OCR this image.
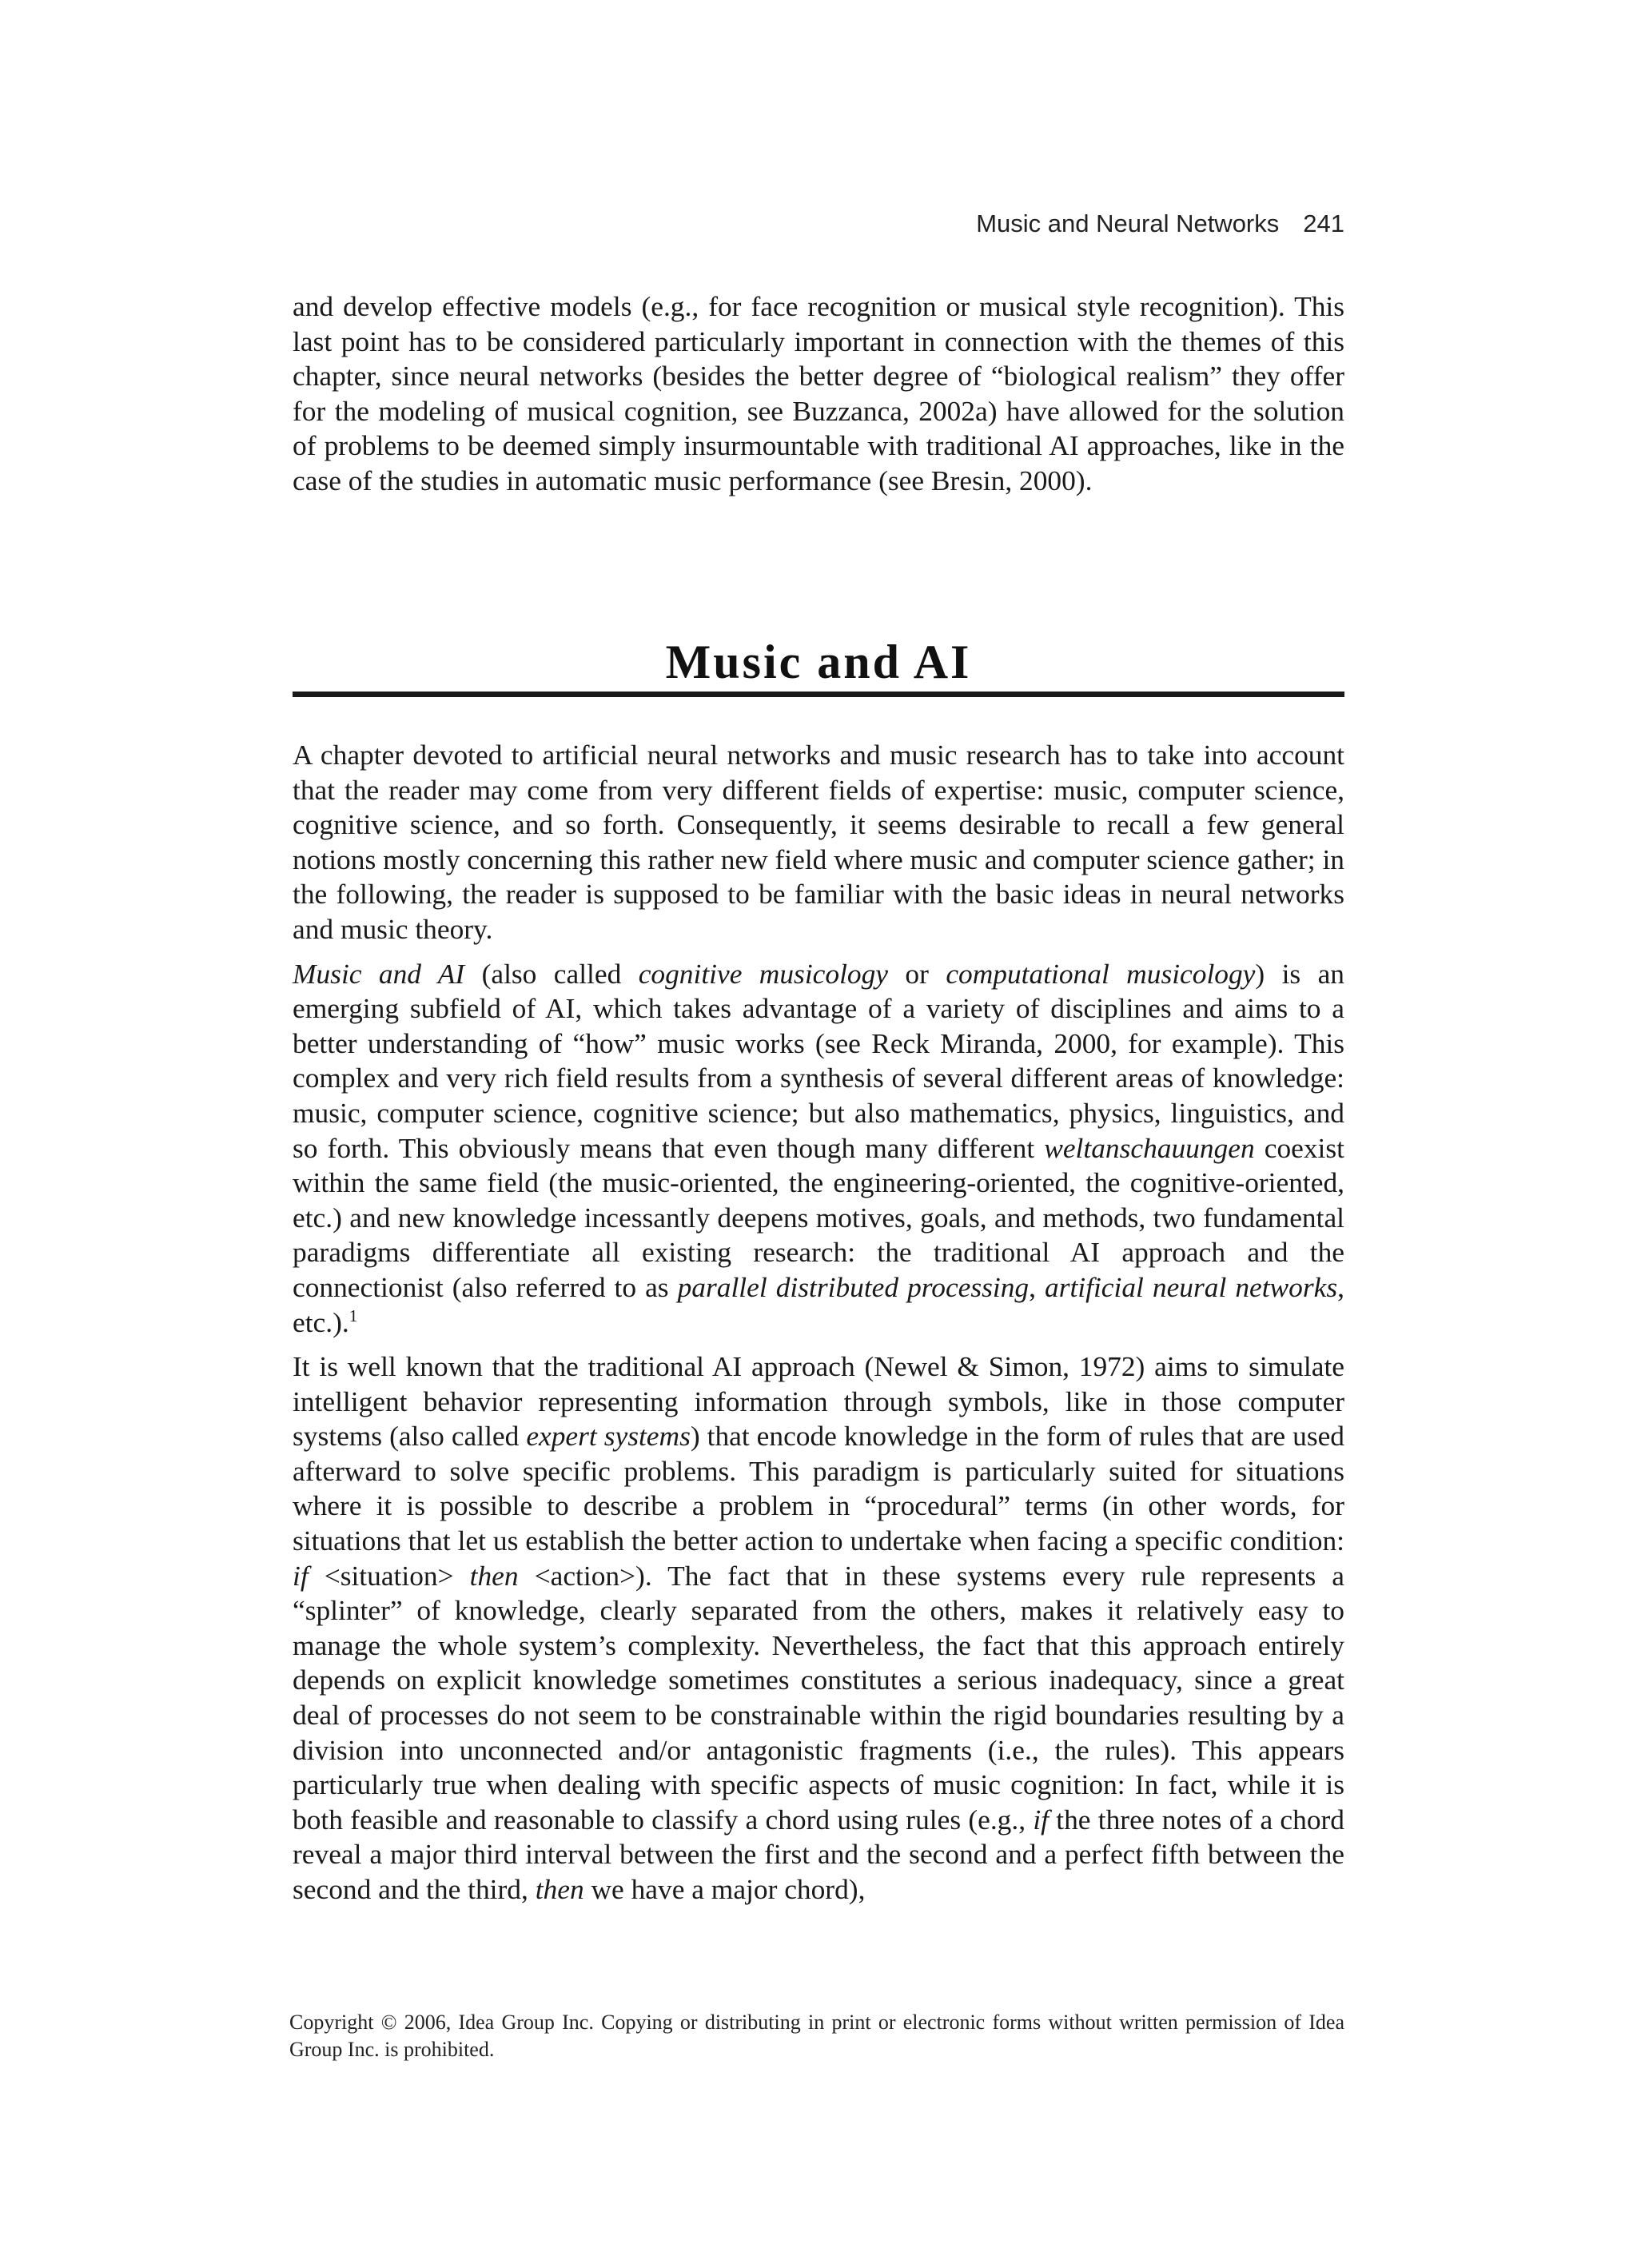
Music and Neural Networks 241

and develop effective models (e.g., for face recognition or musical style recognition). This last point has to be considered particularly important in connection with the themes of this chapter, since neural networks (besides the better degree of “biological realism” they offer for the modeling of musical cognition, see Buzzanca, 2002a) have allowed for the solution of problems to be deemed simply insurmountable with traditional AI approaches, like in the case of the studies in automatic music performance (see Bresin, 2000).

Music and AI

A chapter devoted to artificial neural networks and music research has to take into account that the reader may come from very different fields of expertise: music, computer science, cognitive science, and so forth. Consequently, it seems desirable to recall a few general notions mostly concerning this rather new field where music and computer science gather; in the following, the reader is supposed to be familiar with the basic ideas in neural networks and music theory.

Music and AI (also called cognitive musicology or computational musicology) is an emerging subfield of AI, which takes advantage of a variety of disciplines and aims to a better understanding of “how” music works (see Reck Miranda, 2000, for example). This complex and very rich field results from a synthesis of several different areas of knowledge: music, computer science, cognitive science; but also mathematics, physics, linguistics, and so forth. This obviously means that even though many different weltanschauungen coexist within the same field (the music-oriented, the engineering-oriented, the cognitive-oriented, etc.) and new knowledge incessantly deepens motives, goals, and methods, two fundamental paradigms differentiate all existing research: the traditional AI approach and the connectionist (also referred to as parallel distributed processing, artificial neural networks, etc.).$^1$

It is well known that the traditional AI approach (Newel & Simon, 1972) aims to simulate intelligent behavior representing information through symbols, like in those computer systems (also called expert systems) that encode knowledge in the form of rules that are used afterward to solve specific problems. This paradigm is particularly suited for situations where it is possible to describe a problem in “procedural” terms (in other words, for situations that let us establish the better action to undertake when facing a specific condition: if <situation> then <action>). The fact that in these systems every rule represents a “splinter” of knowledge, clearly separated from the others, makes it relatively easy to manage the whole system’s complexity. Nevertheless, the fact that this approach entirely depends on explicit knowledge sometimes constitutes a serious inadequacy, since a great deal of processes do not seem to be constrainable within the rigid boundaries resulting by a division into unconnected and/or antagonistic fragments (i.e., the rules). This appears particularly true when dealing with specific aspects of music cognition: In fact, while it is both feasible and reasonable to classify a chord using rules (e.g., if the three notes of a chord reveal a major third interval between the first and the second and a perfect fifth between the second and the third, then we have a major chord),

Copyright © 2006, Idea Group Inc. Copying or distributing in print or electronic forms without written permission of Idea Group Inc. is prohibited.
